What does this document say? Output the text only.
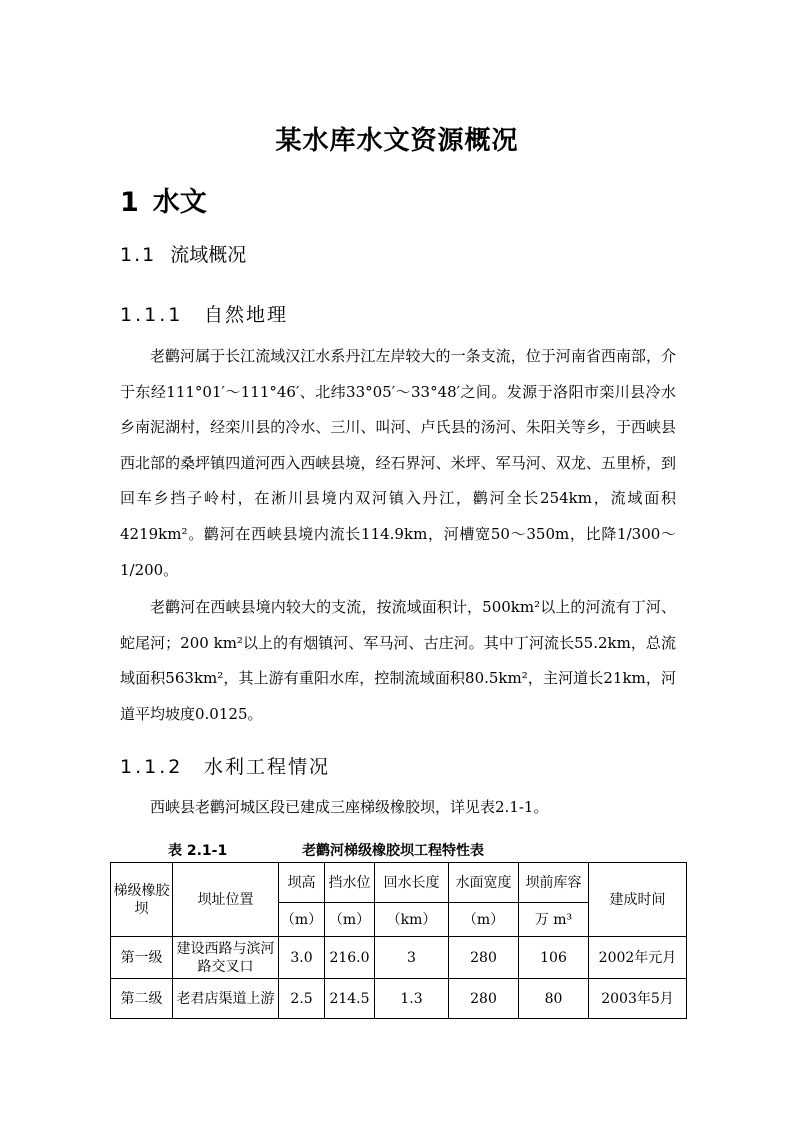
某水库水文资源概况
1 水文
1.1 流域概况
1.1.1 自然地理

老鹳河属于长江流域汉江水系丹江左岸较大的一条支流，位于河南省西南部，介于东经111°01′～111°46′、北纬33°05′～33°48′之间。发源于洛阳市栾川县冷水乡南泥湖村，经栾川县的冷水、三川、叫河、卢氏县的汤河、朱阳关等乡，于西峡县西北部的桑坪镇四道河西入西峡县境，经石界河、米坪、军马河、双龙、五里桥，到回车乡挡子岭村，在淅川县境内双河镇入丹江，鹳河全长254km，流域面积4219km²。鹳河在西峡县境内流长114.9km，河槽宽50～350m，比降1/300～1/200。

老鹳河在西峡县境内较大的支流，按流域面积计，500km²以上的河流有丁河、蛇尾河；200 km²以上的有烟镇河、军马河、古庄河。其中丁河流长55.2km，总流域面积563km²，其上游有重阳水库，控制流域面积80.5km²，主河道长21km，河道平均坡度0.0125。

1.1.2 水利工程情况

西峡县老鹳河城区段已建成三座梯级橡胶坝，详见表2.1-1。

表 2.1-1	老鹳河梯级橡胶坝工程特性表
梯级橡胶坝	坝址位置	坝高	挡水位	回水长度	水面宽度	坝前库容	建成时间
		（m）	（m）	（km）	（m）	万 m³	
第一级	建设西路与滨河路交叉口	3.0	216.0	3	280	106	2002年元月
第二级	老君店渠道上游	2.5	214.5	1.3	280	80	2003年5月
